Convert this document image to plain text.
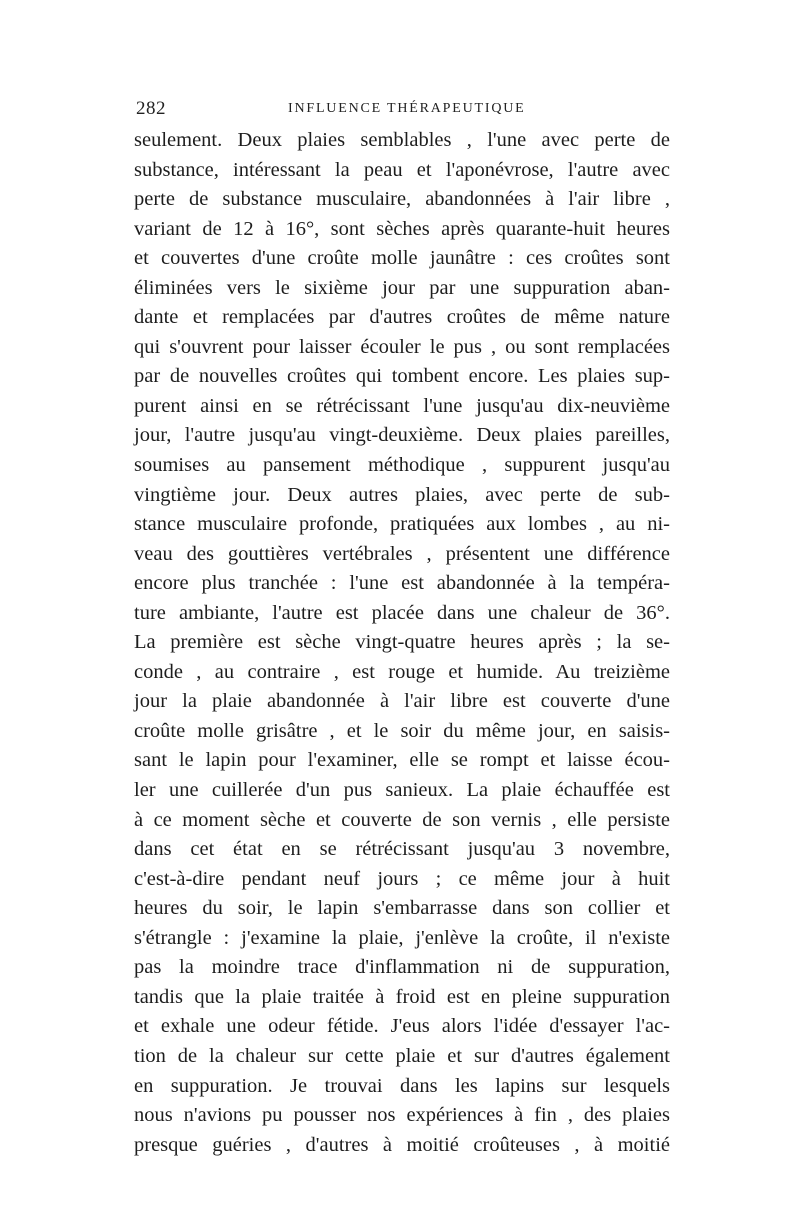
282	INFLUENCE THÉRAPEUTIQUE
seulement. Deux plaies semblables , l'une avec perte de
substance, intéressant la peau et l'aponévrose, l'autre avec
perte de substance musculaire, abandonnées à l'air libre ,
variant de 12 à 16°, sont sèches après quarante-huit heures
et couvertes d'une croûte molle jaunâtre : ces croûtes sont
éliminées vers le sixième jour par une suppuration aban-
dante et remplacées par d'autres croûtes de même nature
qui s'ouvrent pour laisser écouler le pus , ou sont remplacées
par de nouvelles croûtes qui tombent encore. Les plaies sup-
purent ainsi en se rétrécissant l'une jusqu'au dix-neuvième
jour, l'autre jusqu'au vingt-deuxième. Deux plaies pareilles,
soumises au pansement méthodique , suppurent jusqu'au
vingtième jour. Deux autres plaies, avec perte de sub-
stance musculaire profonde, pratiquées aux lombes , au ni-
veau des gouttières vertébrales , présentent une différence
encore plus tranchée : l'une est abandonnée à la tempéra-
ture ambiante, l'autre est placée dans une chaleur de 36°.
La première est sèche vingt-quatre heures après ; la se-
conde , au contraire , est rouge et humide. Au treizième
jour la plaie abandonnée à l'air libre est couverte d'une
croûte molle grisâtre , et le soir du même jour, en saisis-
sant le lapin pour l'examiner, elle se rompt et laisse écou-
ler une cuillerée d'un pus sanieux. La plaie échauffée est
à ce moment sèche et couverte de son vernis , elle persiste
dans cet état en se rétrécissant jusqu'au 3 novembre,
c'est-à-dire pendant neuf jours ; ce même jour à huit
heures du soir, le lapin s'embarrasse dans son collier et
s'étrangle : j'examine la plaie, j'enlève la croûte, il n'existe
pas la moindre trace d'inflammation ni de suppuration,
tandis que la plaie traitée à froid est en pleine suppuration
et exhale une odeur fétide. J'eus alors l'idée d'essayer l'ac-
tion de la chaleur sur cette plaie et sur d'autres également
en suppuration. Je trouvai dans les lapins sur lesquels
nous n'avions pu pousser nos expériences à fin , des plaies
presque guéries , d'autres à moitié croûteuses , à moitié
